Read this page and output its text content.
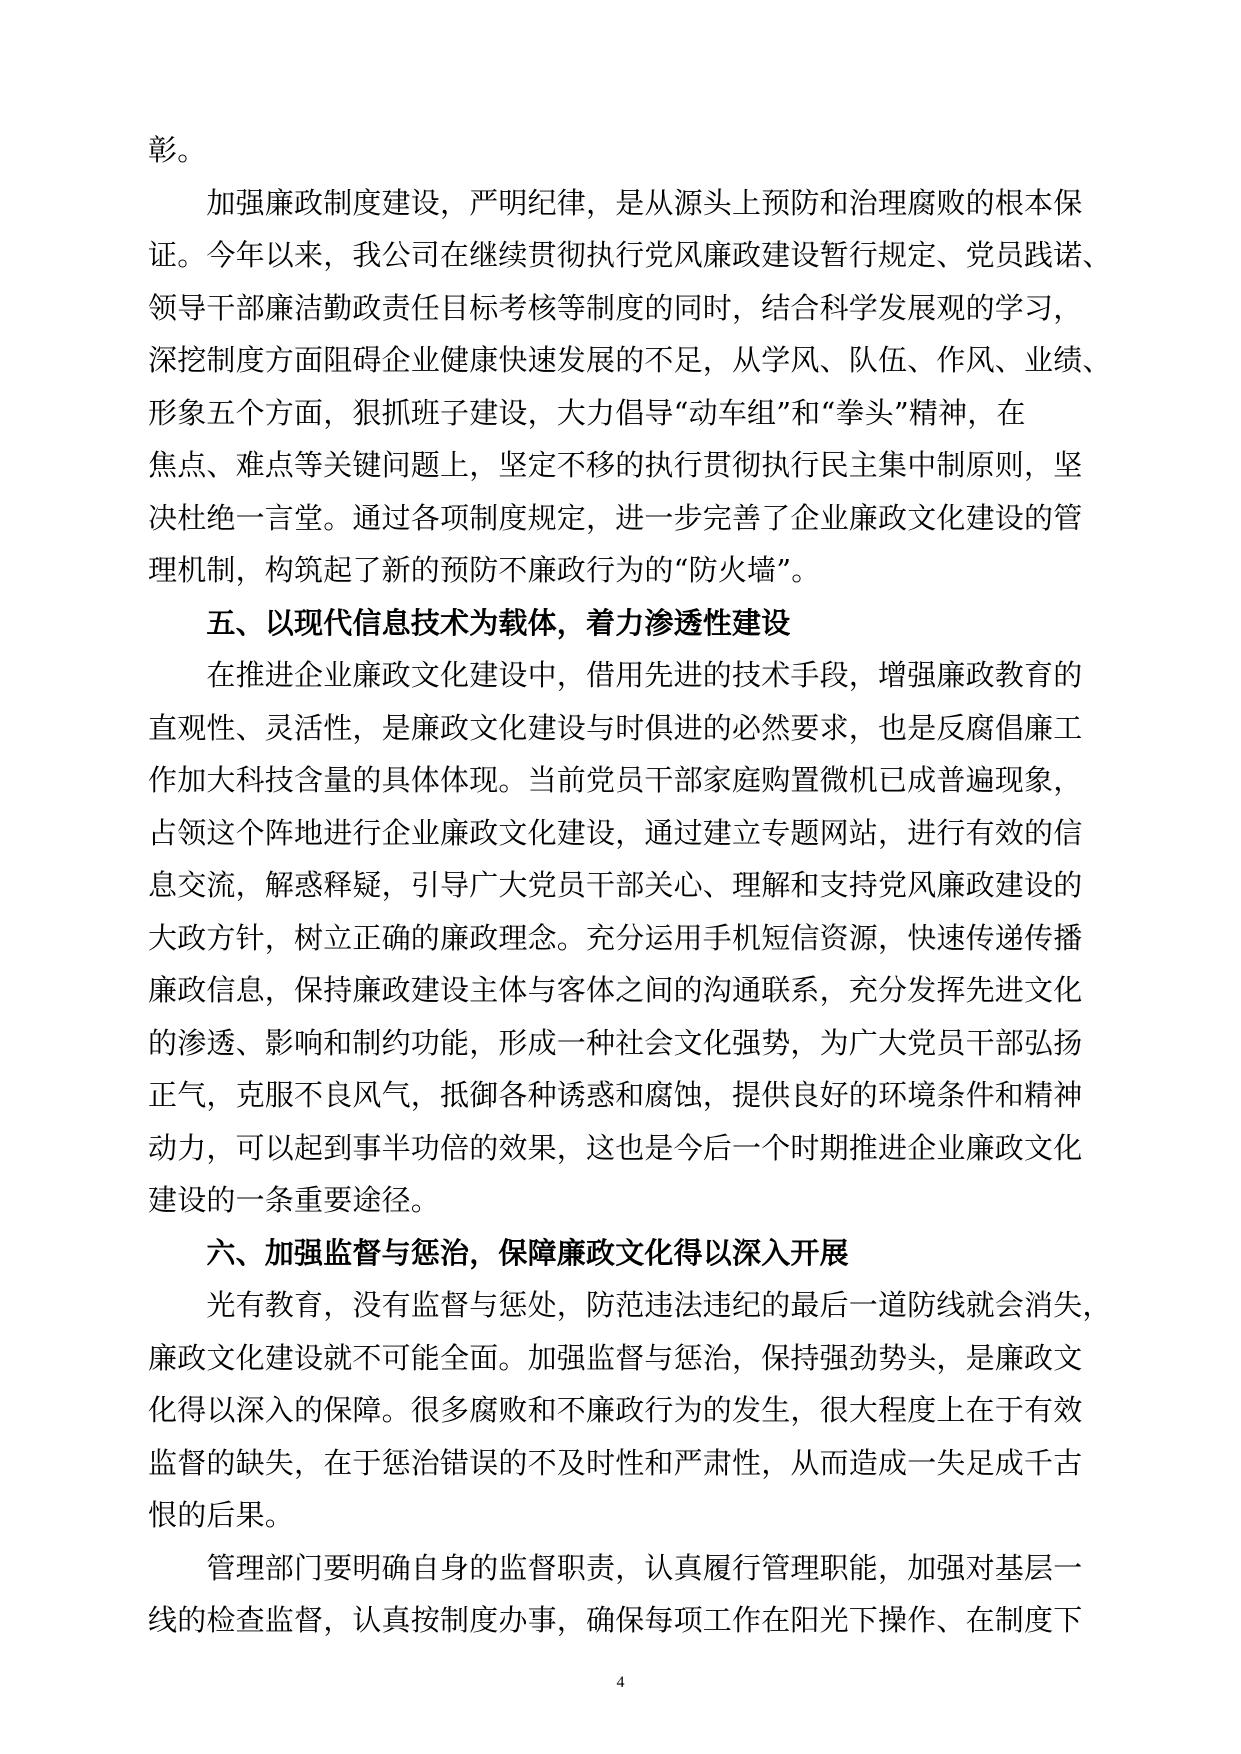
彰。
　　加强廉政制度建设，严明纪律，是从源头上预防和治理腐败的根本保
证。今年以来，我公司在继续贯彻执行党风廉政建设暂行规定、党员践诺、
领导干部廉洁勤政责任目标考核等制度的同时，结合科学发展观的学习，
深挖制度方面阻碍企业健康快速发展的不足，从学风、队伍、作风、业绩、
形象五个方面，狠抓班子建设，大力倡导“动车组”和“拳头”精神，在
焦点、难点等关键问题上，坚定不移的执行贯彻执行民主集中制原则，坚
决杜绝一言堂。通过各项制度规定，进一步完善了企业廉政文化建设的管
理机制，构筑起了新的预防不廉政行为的“防火墙”。
　　五、以现代信息技术为载体，着力渗透性建设
　　在推进企业廉政文化建设中，借用先进的技术手段，增强廉政教育的
直观性、灵活性，是廉政文化建设与时俱进的必然要求，也是反腐倡廉工
作加大科技含量的具体体现。当前党员干部家庭购置微机已成普遍现象，
占领这个阵地进行企业廉政文化建设，通过建立专题网站，进行有效的信
息交流，解惑释疑，引导广大党员干部关心、理解和支持党风廉政建设的
大政方针，树立正确的廉政理念。充分运用手机短信资源，快速传递传播
廉政信息，保持廉政建设主体与客体之间的沟通联系，充分发挥先进文化
的渗透、影响和制约功能，形成一种社会文化强势，为广大党员干部弘扬
正气，克服不良风气，抵御各种诱惑和腐蚀，提供良好的环境条件和精神
动力，可以起到事半功倍的效果，这也是今后一个时期推进企业廉政文化
建设的一条重要途径。
　　六、加强监督与惩治，保障廉政文化得以深入开展
　　光有教育，没有监督与惩处，防范违法违纪的最后一道防线就会消失，
廉政文化建设就不可能全面。加强监督与惩治，保持强劲势头，是廉政文
化得以深入的保障。很多腐败和不廉政行为的发生，很大程度上在于有效
监督的缺失，在于惩治错误的不及时性和严肃性，从而造成一失足成千古
恨的后果。
　　管理部门要明确自身的监督职责，认真履行管理职能，加强对基层一
线的检查监督，认真按制度办事，确保每项工作在阳光下操作、在制度下
4
